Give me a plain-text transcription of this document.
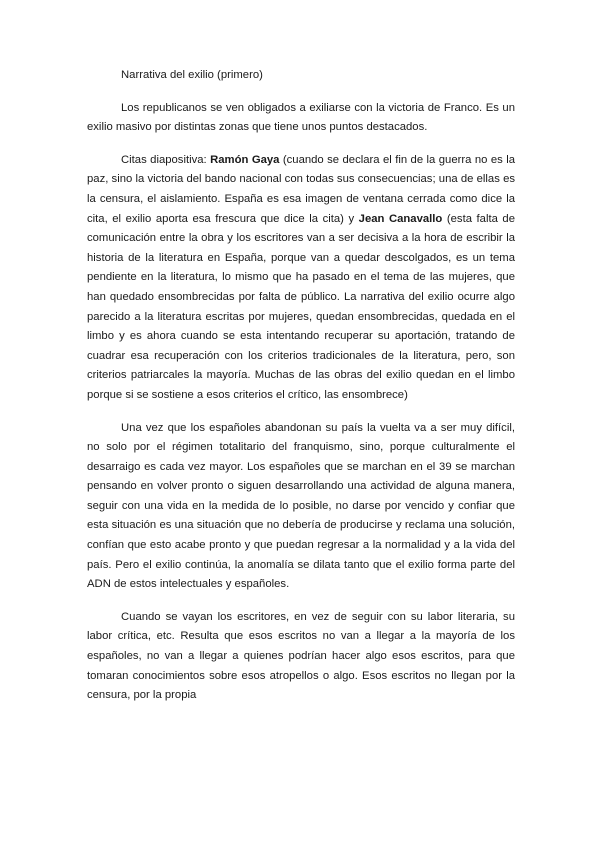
Narrativa del exilio (primero)

Los republicanos se ven obligados a exiliarse con la victoria de Franco. Es un exilio masivo por distintas zonas que tiene unos puntos destacados.

Citas diapositiva: Ramón Gaya (cuando se declara el fin de la guerra no es la paz, sino la victoria del bando nacional con todas sus consecuencias; una de ellas es la censura, el aislamiento. España es esa imagen de ventana cerrada como dice la cita, el exilio aporta esa frescura que dice la cita) y Jean Canavallo (esta falta de comunicación entre la obra y los escritores van a ser decisiva a la hora de escribir la historia de la literatura en España, porque van a quedar descolgados, es un tema pendiente en la literatura, lo mismo que ha pasado en el tema de las mujeres, que han quedado ensombrecidas por falta de público. La narrativa del exilio ocurre algo parecido a la literatura escritas por mujeres, quedan ensombrecidas, quedada en el limbo y es ahora cuando se esta intentando recuperar su aportación, tratando de cuadrar esa recuperación con los criterios tradicionales de la literatura, pero, son criterios patriarcales la mayoría. Muchas de las obras del exilio quedan en el limbo porque si se sostiene a esos criterios el crítico, las ensombrece)

Una vez que los españoles abandonan su país la vuelta va a ser muy difícil, no solo por el régimen totalitario del franquismo, sino, porque culturalmente el desarraigo es cada vez mayor. Los españoles que se marchan en el 39 se marchan pensando en volver pronto o siguen desarrollando una actividad de alguna manera, seguir con una vida en la medida de lo posible, no darse por vencido y confiar que esta situación es una situación que no debería de producirse y reclama una solución, confían que esto acabe pronto y que puedan regresar a la normalidad y a la vida del país. Pero el exilio continúa, la anomalía se dilata tanto que el exilio forma parte del ADN de estos intelectuales y españoles.

Cuando se vayan los escritores, en vez de seguir con su labor literaria, su labor crítica, etc. Resulta que esos escritos no van a llegar a la mayoría de los españoles, no van a llegar a quienes podrían hacer algo esos escritos, para que tomaran conocimientos sobre esos atropellos o algo. Esos escritos no llegan por la censura, por la propia
